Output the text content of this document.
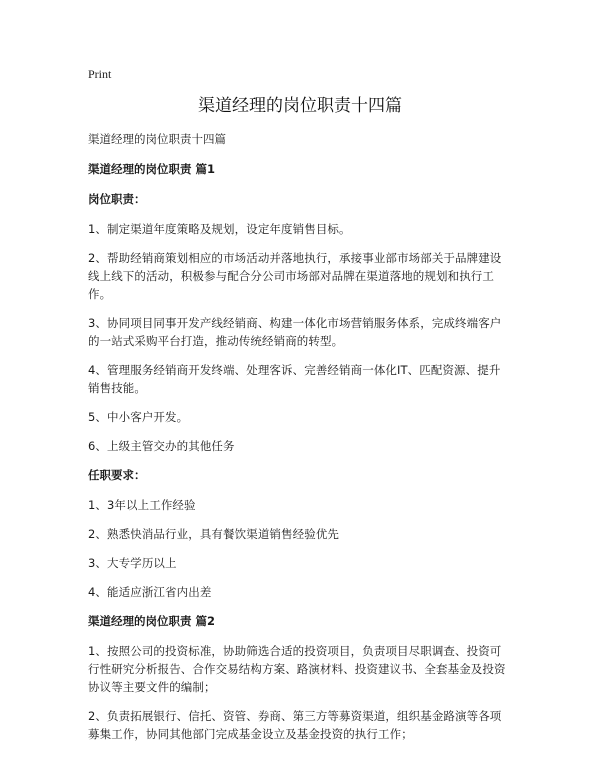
Print
渠道经理的岗位职责十四篇
渠道经理的岗位职责十四篇
渠道经理的岗位职责 篇1
岗位职责：
1、制定渠道年度策略及规划，设定年度销售目标。
2、帮助经销商策划相应的市场活动并落地执行，承接事业部市场部关于品牌建设线上线下的活动，积极参与配合分公司市场部对品牌在渠道落地的规划和执行工作。
3、协同项目同事开发产线经销商、构建一体化市场营销服务体系，完成终端客户的一站式采购平台打造，推动传统经销商的转型。
4、管理服务经销商开发终端、处理客诉、完善经销商一体化IT、匹配资源、提升销售技能。
5、中小客户开发。
6、上级主管交办的其他任务
任职要求：
1、3年以上工作经验
2、熟悉快消品行业，具有餐饮渠道销售经验优先
3、大专学历以上
4、能适应浙江省内出差
渠道经理的岗位职责 篇2
1、按照公司的投资标准，协助筛选合适的投资项目，负责项目尽职调查、投资可行性研究分析报告、合作交易结构方案、路演材料、投资建议书、全套基金及投资协议等主要文件的编制；
2、负责拓展银行、信托、资管、券商、第三方等募资渠道，组织基金路演等各项募集工作，协同其他部门完成基金设立及基金投资的执行工作；
